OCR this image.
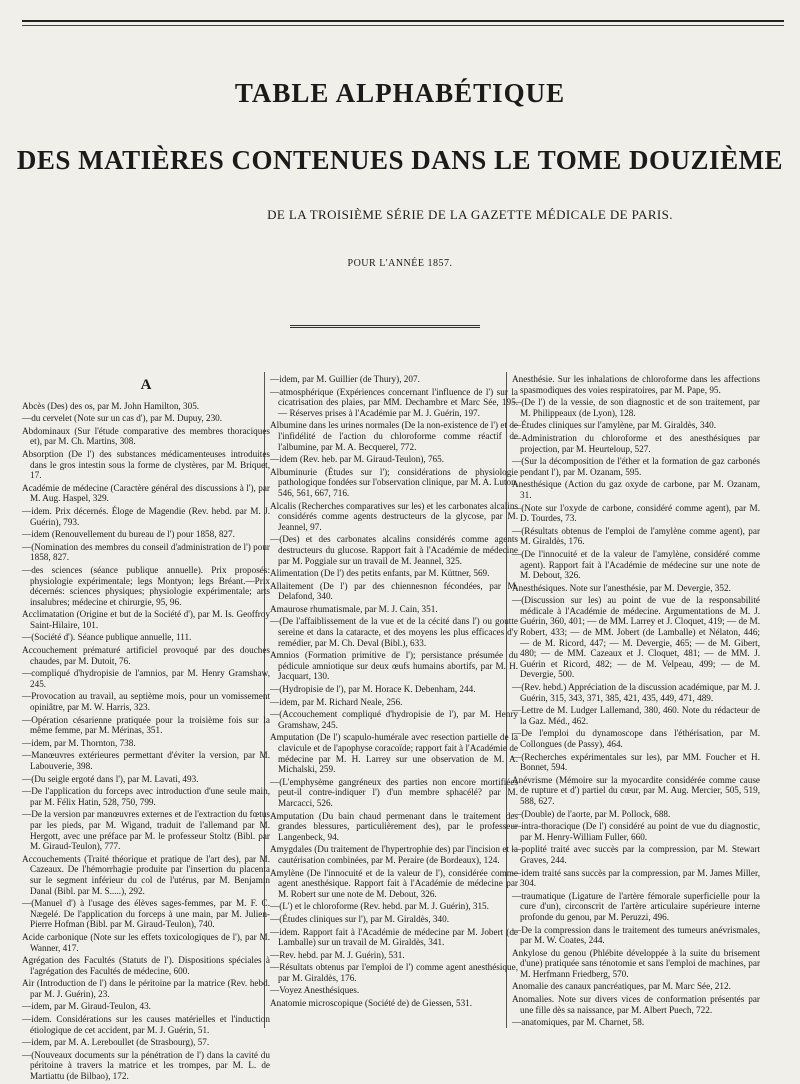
TABLE ALPHABÉTIQUE
DES MATIÈRES CONTENUES DANS LE TOME DOUZIÈME
DE LA TROISIÈME SÉRIE DE LA GAZETTE MÉDICALE DE PARIS.
POUR L'ANNÉE 1857.
A
Abcès (Des) des os, par M. John Hamilton, 305.
—du cervelet (Note sur un cas d'), par M. Dupuy, 230.
Abdominaux (Sur l'étude comparative des membres thoraciques et), par M. Ch. Martins, 308.
Absorption (De l') des substances médicamenteuses introduites dans le gros intestin sous la forme de clystères, par M. Briquet, 17.
Académie de médecine (Caractère général des discussions à l'), par M. Aug. Haspel, 329.
—idem. Prix décernés. Éloge de Magendie (Rev. hebd. par M. J. Guérin), 793.
—idem (Renouvellement du bureau de l') pour 1858, 827.
—(Nomination des membres du conseil d'administration de l') pour 1858, 827.
—des sciences (séance publique annuelle). Prix proposés: physiologie expérimentale; legs Montyon; legs Bréant.—Prix décernés: sciences physiques; physiologie expérimentale; arts insalubres; médecine et chirurgie, 95, 96.
Acclimatation (Origine et but de la Société d'), par M. Is. Geoffroy Saint-Hilaire, 101.
—(Société d'). Séance publique annuelle, 111.
Accouchement prématuré artificiel provoqué par des douches chaudes, par M. Dutoit, 76.
—compliqué d'hydropisie de l'amnios, par M. Henry Gramshaw, 245.
—Provocation au travail, au septième mois, pour un vomissement opiniâtre, par M. W. Harris, 323.
—Opération césarienne pratiquée pour la troisième fois sur la même femme, par M. Mérinas, 351.
—idem, par M. Thornton, 738.
—Manœuvres extérieures permettant d'éviter la version, par M. Labouverie, 398.
—(Du seigle ergoté dans l'), par M. Lavati, 493.
—De l'application du forceps avec introduction d'une seule main, par M. Félix Hatin, 528, 750, 799.
—De la version par manœuvres externes et de l'extraction du fœtus par les pieds, par M. Wigand, traduit de l'allemand par M. Hergott, avec une préface par M. le professeur Stoltz (Bibl. par M. Giraud-Teulon), 777.
Accouchements (Traité théorique et pratique de l'art des), par M. Cazeaux. De l'hémorrhagie produite par l'insertion du placenta sur le segment inférieur du col de l'utérus, par M. Benjamin Danal (Bibl. par M. S.....), 292.
—(Manuel d') à l'usage des élèves sages-femmes, par M. F. C. Nægelé. De l'application du forceps à une main, par M. Julien-Pierre Hofman (Bibl. par M. Giraud-Teulon), 740.
Acide carbonique (Note sur les effets toxicologiques de l'), par M. Wanner, 417.
Agrégation des Facultés (Statuts de l'). Dispositions spéciales à l'agrégation des Facultés de médecine, 600.
Air (Introduction de l') dans le péritoine par la matrice (Rev. hebd. par M. J. Guérin), 23.
—idem, par M. Giraud-Teulon, 43.
—idem. Considérations sur les causes matérielles et l'induction étiologique de cet accident, par M. J. Guérin, 51.
—idem, par M. A. Lereboullet (de Strasbourg), 57.
—(Nouveaux documents sur la pénétration de l') dans la cavité du péritoine à travers la matrice et les trompes, par M. L. de Martiattu (de Bilbao), 172.
—idem, par M. Guillier (de Thury), 207.
—atmosphérique (Expériences concernant l'influence de l') sur la cicatrisation des plaies, par MM. Dechambre et Marc Sée, 195.— Réserves prises à l'Académie par M. J. Guérin, 197.
Albumine dans les urines normales (De la non-existence de l') et de l'infidélité de l'action du chloroforme comme réactif de l'albumine, par M. A. Becquerel, 772.
—idem (Rev. heb. par M. Giraud-Teulon), 765.
Albuminurie (Études sur l'); considérations de physiologie pathologique fondées sur l'observation clinique, par M. A. Luton, 546, 561, 667, 716.
Alcalis (Recherches comparatives sur les) et les carbonates alcalins considérés comme agents destructeurs de la glycose, par M. Jeannel, 97.
—(Des) et des carbonates alcalins considérés comme agents destructeurs du glucose. Rapport fait à l'Académie de médecine par M. Poggiale sur un travail de M. Jeannel, 325.
Alimentation (De l') des petits enfants, par M. Küttner, 569.
Allaitement (De l') par des chiennesnon fécondées, par M. Delafond, 340.
Amaurose rhumatismale, par M. J. Cain, 351.
—(De l'affaiblissement de la vue et de la cécité dans l') ou goutte sereine et dans la cataracte, et des moyens les plus efficaces d'y remédier, par M. Ch. Deval (Bibl.), 633.
Amnios (Formation primitive de l'); persistance présumée du pédicule amniotique sur deux œufs humains abortifs, par M. H. Jacquart, 130.
—(Hydropisie de l'), par M. Horace K. Debenham, 244.
—idem, par M. Richard Neale, 256.
—(Accouchement compliqué d'hydropisie de l'), par M. Henry Gramshaw, 245.
Amputation (De l') scapulo-humérale avec resection partielle de la clavicule et de l'apophyse coracoïde; rapport fait à l'Académie de médecine par M. H. Larrey sur une observation de M. A. Michalski, 259.
—(L'emphysème gangréneux des parties non encore mortifiées peut-il contre-indiquer l') d'un membre sphacélé? par M. Marcacci, 526.
Amputation (Du bain chaud permenant dans le traitement des grandes blessures, particulièrement des), par le professeur Langenbeck, 94.
Amygdales (Du traitement de l'hypertrophie des) par l'incision et la cautérisation combinées, par M. Peraire (de Bordeaux), 124.
Amylène (De l'innocuité et de la valeur de l'), considérée comme agent anesthésique. Rapport fait à l'Académie de médecine par M. Robert sur une note de M. Debout, 326.
—(L') et le chloroforme (Rev. hebd. par M. J. Guérin), 315.
—(Études cliniques sur l'), par M. Giraldès, 340.
—idem. Rapport fait à l'Académie de médecine par M. Jobert (de Lamballe) sur un travail de M. Giraldès, 341.
—Rev. hebd. par M. J. Guérin), 531.
—Résultats obtenus par l'emploi de l') comme agent anesthésique, par M. Giraldès, 176.
—Voyez Anesthésiques.
Anatomie microscopique (Société de) de Giessen, 531.
Anesthésie. Sur les inhalations de chloroforme dans les affections spasmodiques des voies respiratoires, par M. Pape, 95.
—(De l') de la vessie, de son diagnostic et de son traitement, par M. Philippeaux (de Lyon), 128.
—Études cliniques sur l'amylène, par M. Giraldès, 340.
—Administration du chloroforme et des anesthésiques par projection, par M. Heurteloup, 527.
—(Sur la décomposition de l'éther et la formation de gaz carbonés pendant l'), par M. Ozanam, 595.
Anesthésique (Action du gaz oxyde de carbone, par M. Ozanam, 31.
—(Note sur l'oxyde de carbone, considéré comme agent), par M. D. Tourdes, 73.
—(Résultats obtenus de l'emploi de l'amylène comme agent), par M. Giraldès, 176.
—(De l'innocuité et de la valeur de l'amylène, considéré comme agent). Rapport fait à l'Académie de médecine sur une note de M. Debout, 326.
Anesthésiques. Note sur l'anesthésie, par M. Devergie, 352.
—(Discussion sur les) au point de vue de la responsabilité médicale à l'Académie de médecine. Argumentations de M. J. Guérin, 360, 401; — de MM. Larrey et J. Cloquet, 419; — de M. Robert, 433; — de MM. Jobert (de Lamballe) et Nélaton, 446; — de M. Ricord, 447; — M. Devergie, 465; — de M. Gibert, 480; — de MM. Cazeaux et J. Cloquet, 481; — de MM. J. Guérin et Ricord, 482; — de M. Velpeau, 499; — de M. Devergie, 500.
—(Rev. hebd.) Appréciation de la discussion académique, par M. J. Guérin, 315, 343, 371, 385, 421, 435, 449, 471, 489.
—Lettre de M. Ludger Lallemand, 380, 460. Note du rédacteur de la Gaz. Méd., 462.
—De l'emploi du dynamoscope dans l'éthérisation, par M. Collongues (de Passy), 464.
—(Recherches expérimentales sur les), par MM. Foucher et H. Bonnet, 594.
Anévrisme (Mémoire sur la myocardite considérée comme cause de rupture et d') partiel du cœur, par M. Aug. Mercier, 505, 519, 588, 627.
—(Double) de l'aorte, par M. Pollock, 688.
—intra-thoracique (De l') considéré au point de vue du diagnostic, par M. Henry-William Fuller, 660.
—poplité traité avec succès par la compression, par M. Stewart Graves, 244.
—idem traité sans succès par la compression, par M. James Miller, 304.
—traumatique (Ligature de l'artère fémorale superficielle pour la cure d'un), circonscrit de l'artère articulaire supérieure interne profonde du genou, par M. Peruzzi, 496.
—De la compression dans le traitement des tumeurs anévrismales, par M. W. Coates, 244.
Ankylose du genou (Phlébite développée à la suite du brisement d'une) pratiquée sans ténotomie et sans l'emploi de machines, par M. Herfmann Friedberg, 570.
Anomalie des canaux pancréatiques, par M. Marc Sée, 212.
Anomalies. Note sur divers vices de conformation présentés par une fille dès sa naissance, par M. Albert Puech, 722.
—anatomiques, par M. Charnet, 58.
